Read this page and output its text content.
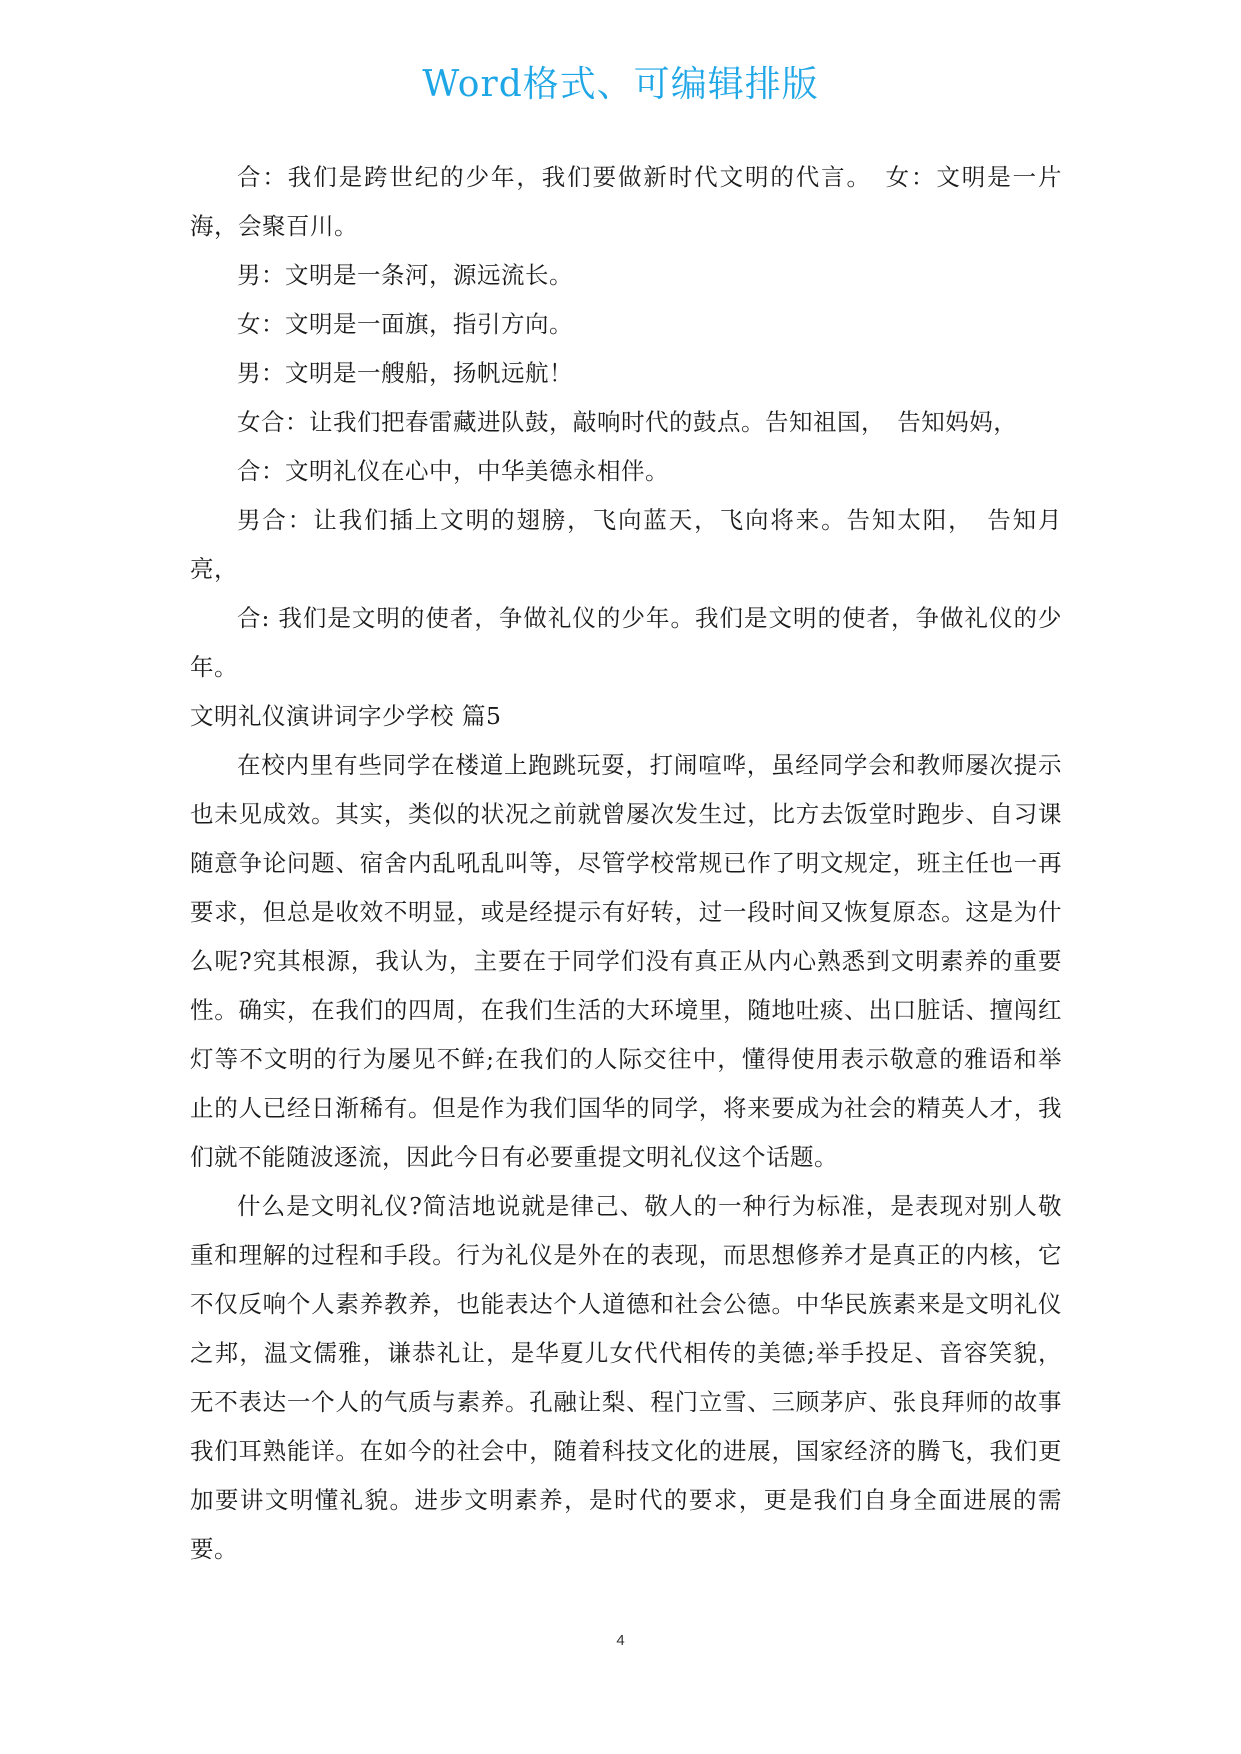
Word格式、可编辑排版

合：我们是跨世纪的少年，我们要做新时代文明的代言。　女：文明是一片海，会聚百川。

男：文明是一条河，源远流长。

女：文明是一面旗，指引方向。

男：文明是一艘船，扬帆远航！

女合：让我们把春雷藏进队鼓，敲响时代的鼓点。告知祖国，　告知妈妈，

合：文明礼仪在心中，中华美德永相伴。

男合：让我们插上文明的翅膀，飞向蓝天，飞向将来。告知太阳，　告知月亮，

合: 我们是文明的使者，争做礼仪的少年。我们是文明的使者，争做礼仪的少年。

文明礼仪演讲词字少学校 篇5

在校内里有些同学在楼道上跑跳玩耍，打闹喧哗，虽经同学会和教师屡次提示也未见成效。其实，类似的状况之前就曾屡次发生过，比方去饭堂时跑步、自习课随意争论问题、宿舍内乱吼乱叫等，尽管学校常规已作了明文规定，班主任也一再要求，但总是收效不明显，或是经提示有好转，过一段时间又恢复原态。这是为什么呢?究其根源，我认为，主要在于同学们没有真正从内心熟悉到文明素养的重要性。确实，在我们的四周，在我们生活的大环境里，随地吐痰、出口脏话、擅闯红灯等不文明的行为屡见不鲜;在我们的人际交往中，懂得使用表示敬意的雅语和举止的人已经日渐稀有。但是作为我们国华的同学，将来要成为社会的精英人才，我们就不能随波逐流，因此今日有必要重提文明礼仪这个话题。

什么是文明礼仪?简洁地说就是律己、敬人的一种行为标准，是表现对别人敬重和理解的过程和手段。行为礼仪是外在的表现，而思想修养才是真正的内核，它不仅反响个人素养教养，也能表达个人道德和社会公德。中华民族素来是文明礼仪之邦，温文儒雅，谦恭礼让，是华夏儿女代代相传的美德;举手投足、音容笑貌，无不表达一个人的气质与素养。孔融让梨、程门立雪、三顾茅庐、张良拜师的故事我们耳熟能详。在如今的社会中，随着科技文化的进展，国家经济的腾飞，我们更加要讲文明懂礼貌。进步文明素养，是时代的要求，更是我们自身全面进展的需要。

4
